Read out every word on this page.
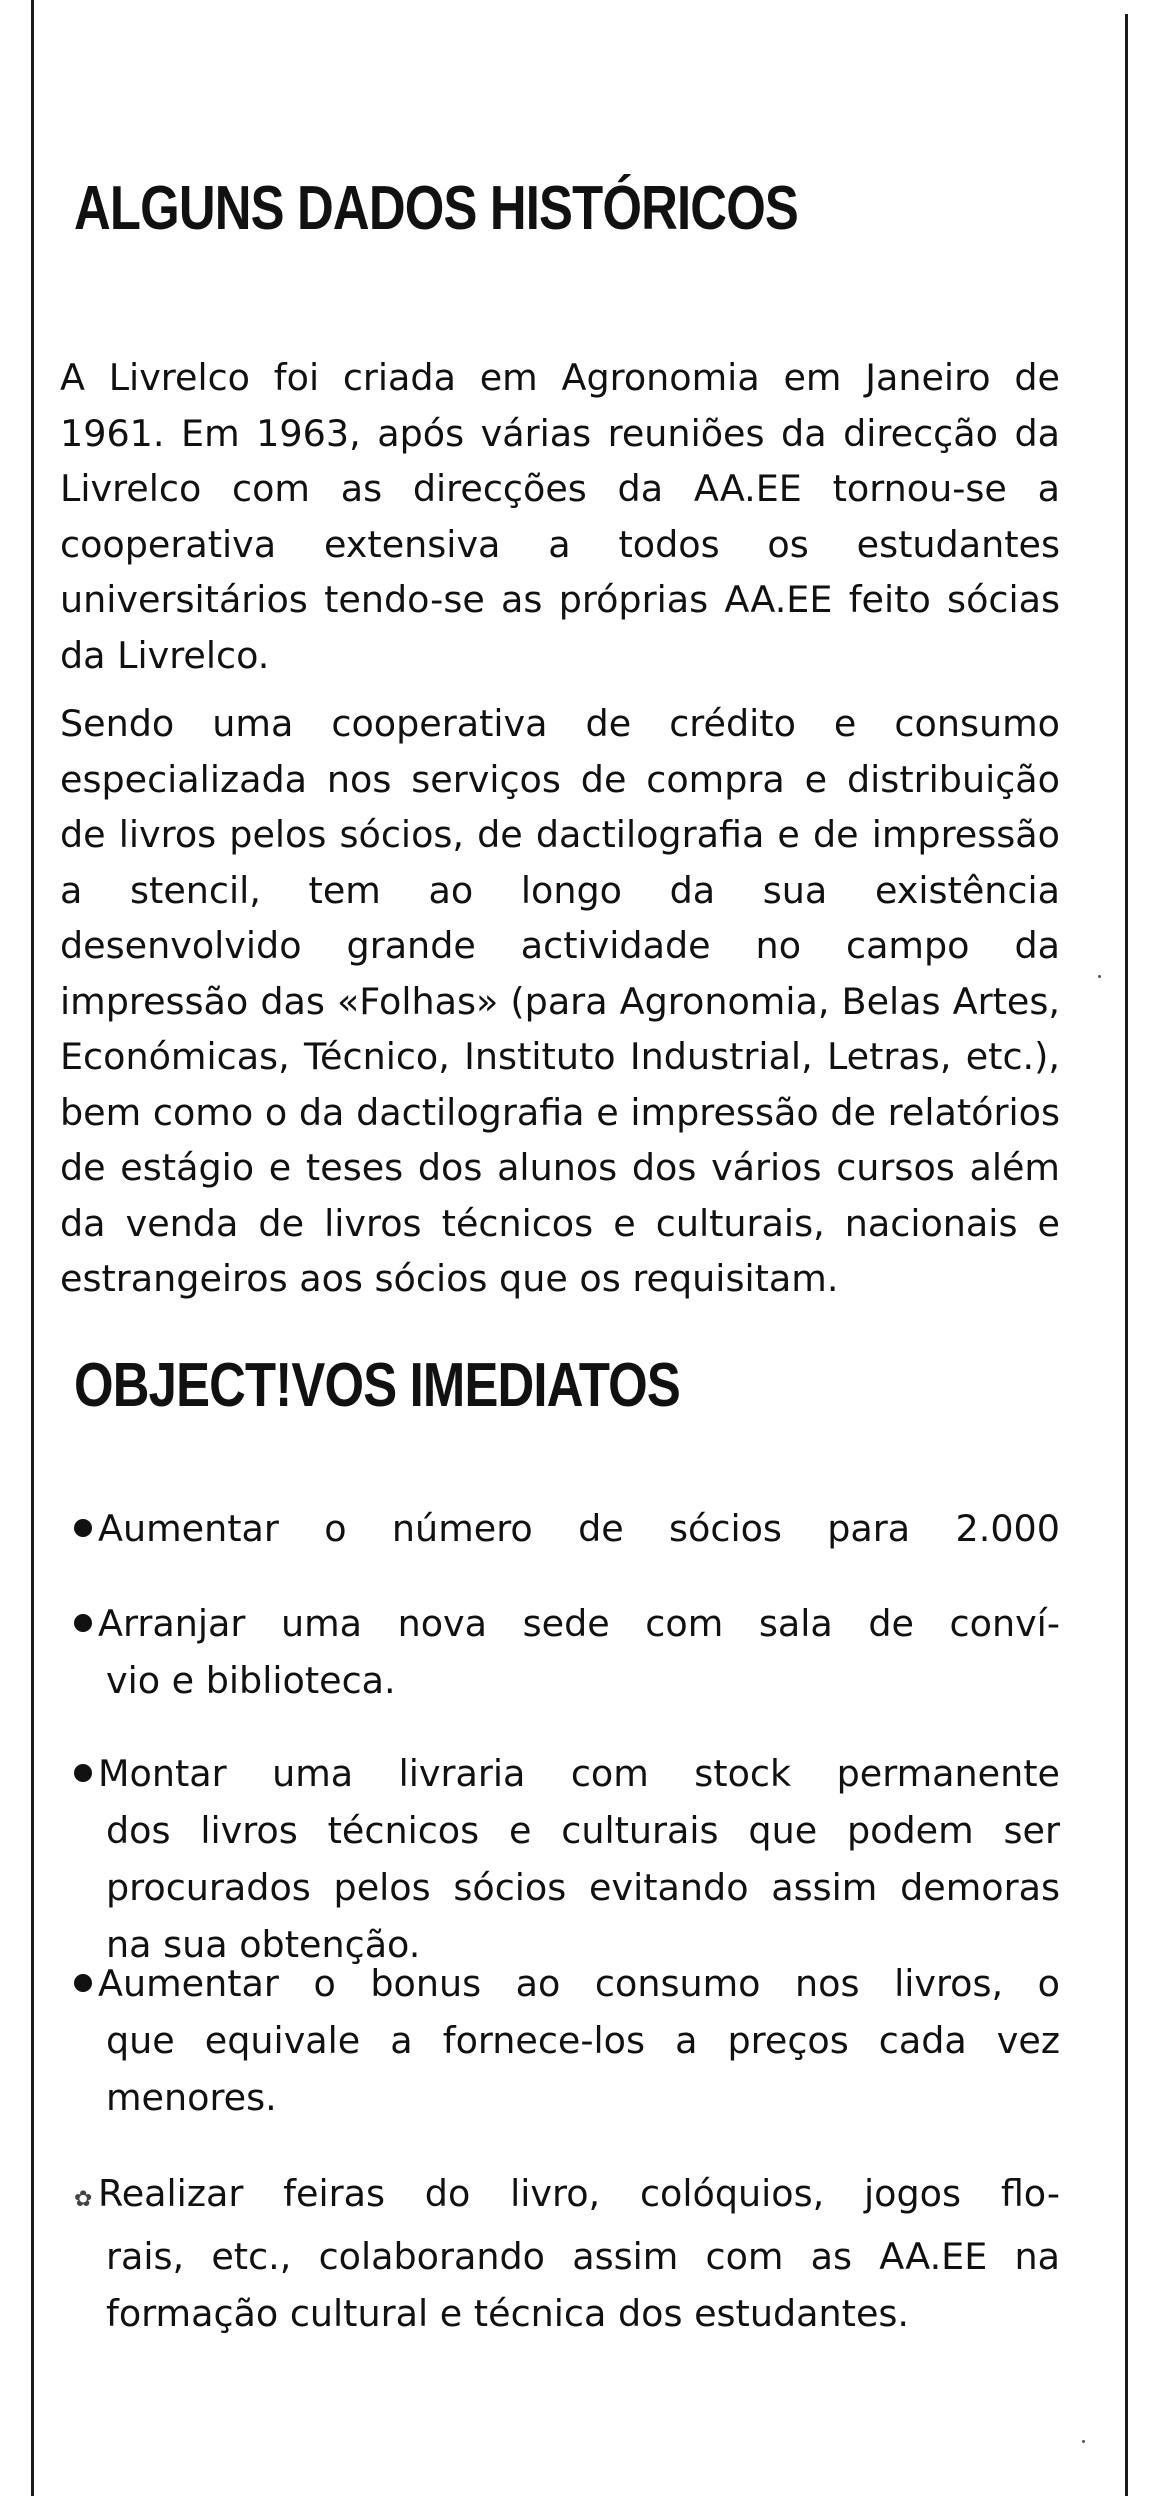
ALGUNS DADOS HISTÓRICOS

A Livrelco foi criada em Agronomia em Janeiro de 1961. Em 1963, após várias reuniões da direcção da Livrelco com as direcções da AA.EE tornou-se a cooperativa extensiva a todos os estudantes universitários tendo-se as próprias AA.EE feito sócias da Livrelco.

Sendo uma cooperativa de crédito e consumo especializada nos serviços de compra e distribuição de livros pelos sócios, de dactilografia e de impressão a stencil, tem ao longo da sua existência desenvolvido grande actividade no campo da impressão das «Folhas» (para Agronomia, Belas Artes, Económicas, Técnico, Instituto Industrial, Letras, etc.), bem como o da dactilografia e impressão de relatórios de estágio e teses dos alunos dos vários cursos além da venda de livros técnicos e culturais, nacionais e estrangeiros aos sócios que os requisitam.

OBJECT!VOS IMEDIATOS
Aumentar o número de sócios para 2.000
Arranjar uma nova sede com sala de conví-
vio e biblioteca.
Montar uma livraria com stock permanente
dos livros técnicos e culturais que podem ser procurados pelos sócios evitando assim demoras na sua obtenção.
Aumentar o bonus ao consumo nos livros, o
que equivale a fornece-los a preços cada vez menores.
✿ Realizar feiras do livro, colóquios, jogos flo-
rais, etc., colaborando assim com as AA.EE na formação cultural e técnica dos estudantes.
